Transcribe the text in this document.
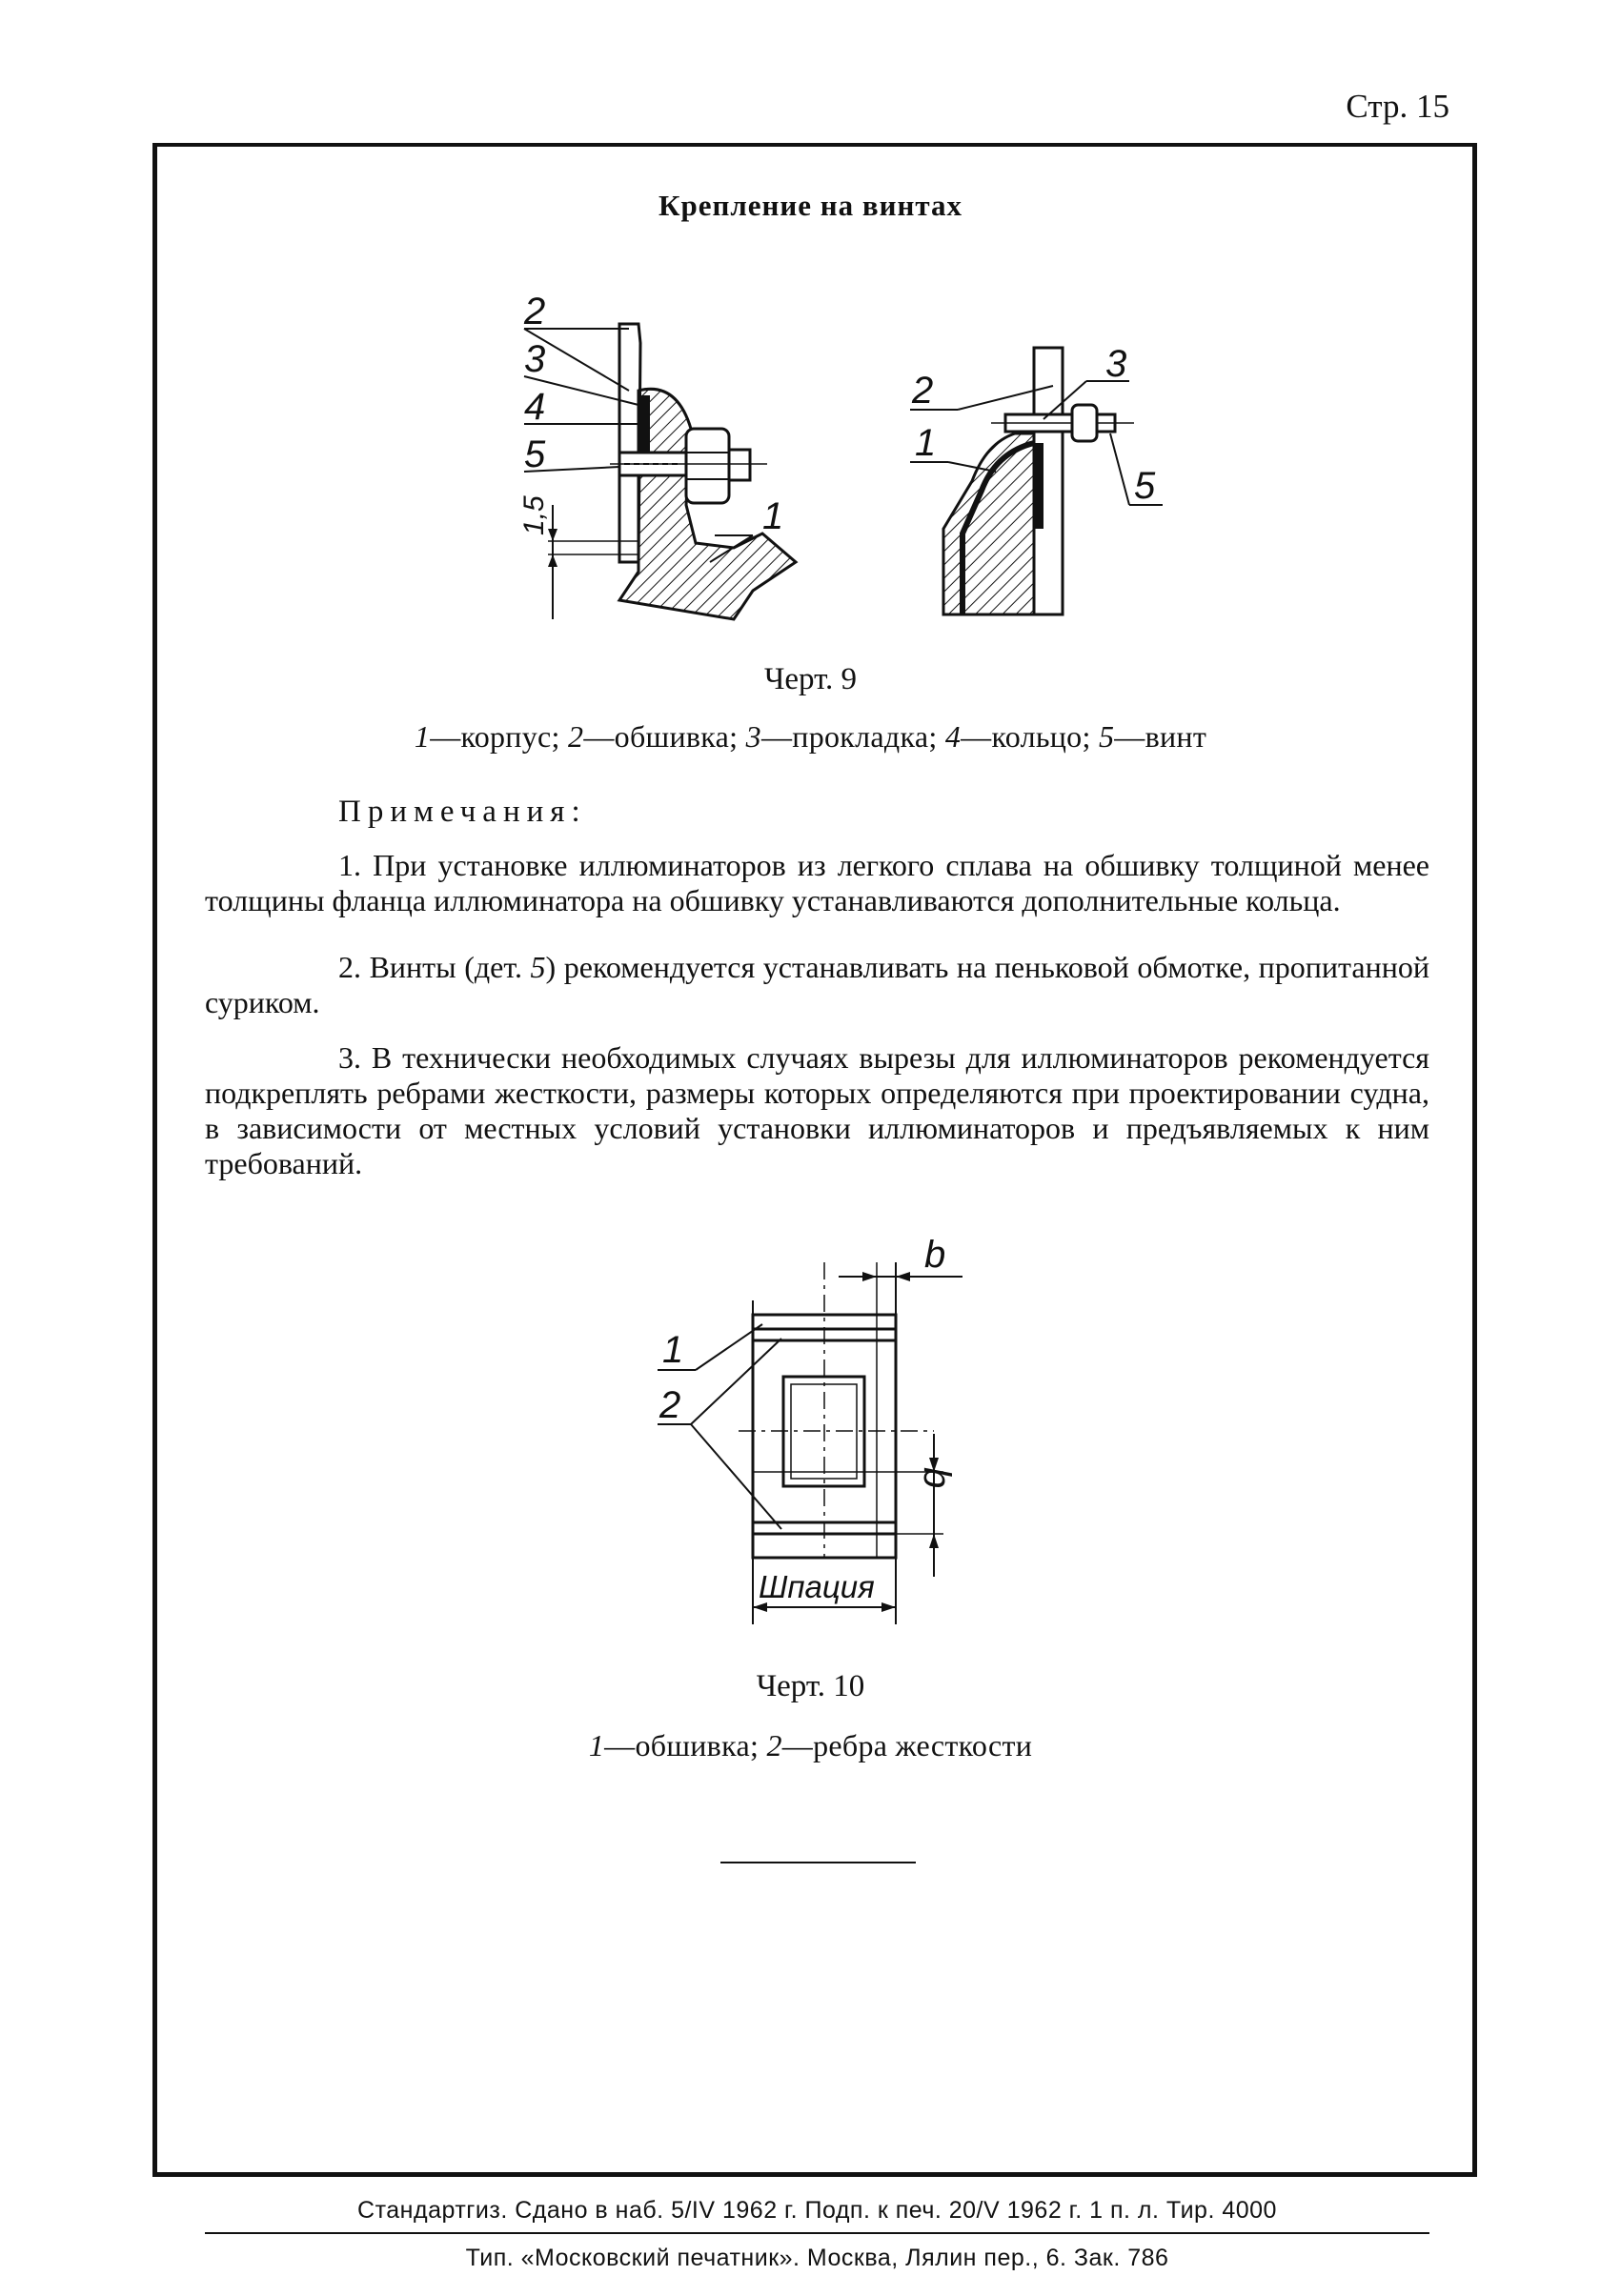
Стр. 15
Крепление на винтах
2
3
4
5
1
1,5
2
3
1
5
Черт. 9
1—корпус; 2—обшивка; 3—прокладка; 4—кольцо; 5—винт
Примечания:
1. При установке иллюминаторов из легкого сплава на обшивку толщиной менее толщины фланца иллюминатора на обшивку устанавливаются дополнительные кольца.
2. Винты (дет. 5) рекомендуется устанавливать на пеньковой обмотке, пропитанной суриком.
3. В технически необходимых случаях вырезы для иллюминаторов рекомендуется подкреплять ребрами жесткости, размеры которых определяются при проектировании судна, в зависимости от местных условий установки иллюминаторов и предъявляемых к ним требований.
1
2
b
b
Шпация
Черт. 10
1—обшивка; 2—ребра жесткости
Стандартгиз. Сдано в наб. 5/IV 1962 г. Подп. к печ. 20/V 1962 г. 1 п. л. Тир. 4000
Тип. «Московский печатник». Москва, Лялин пер., 6. Зак. 786
